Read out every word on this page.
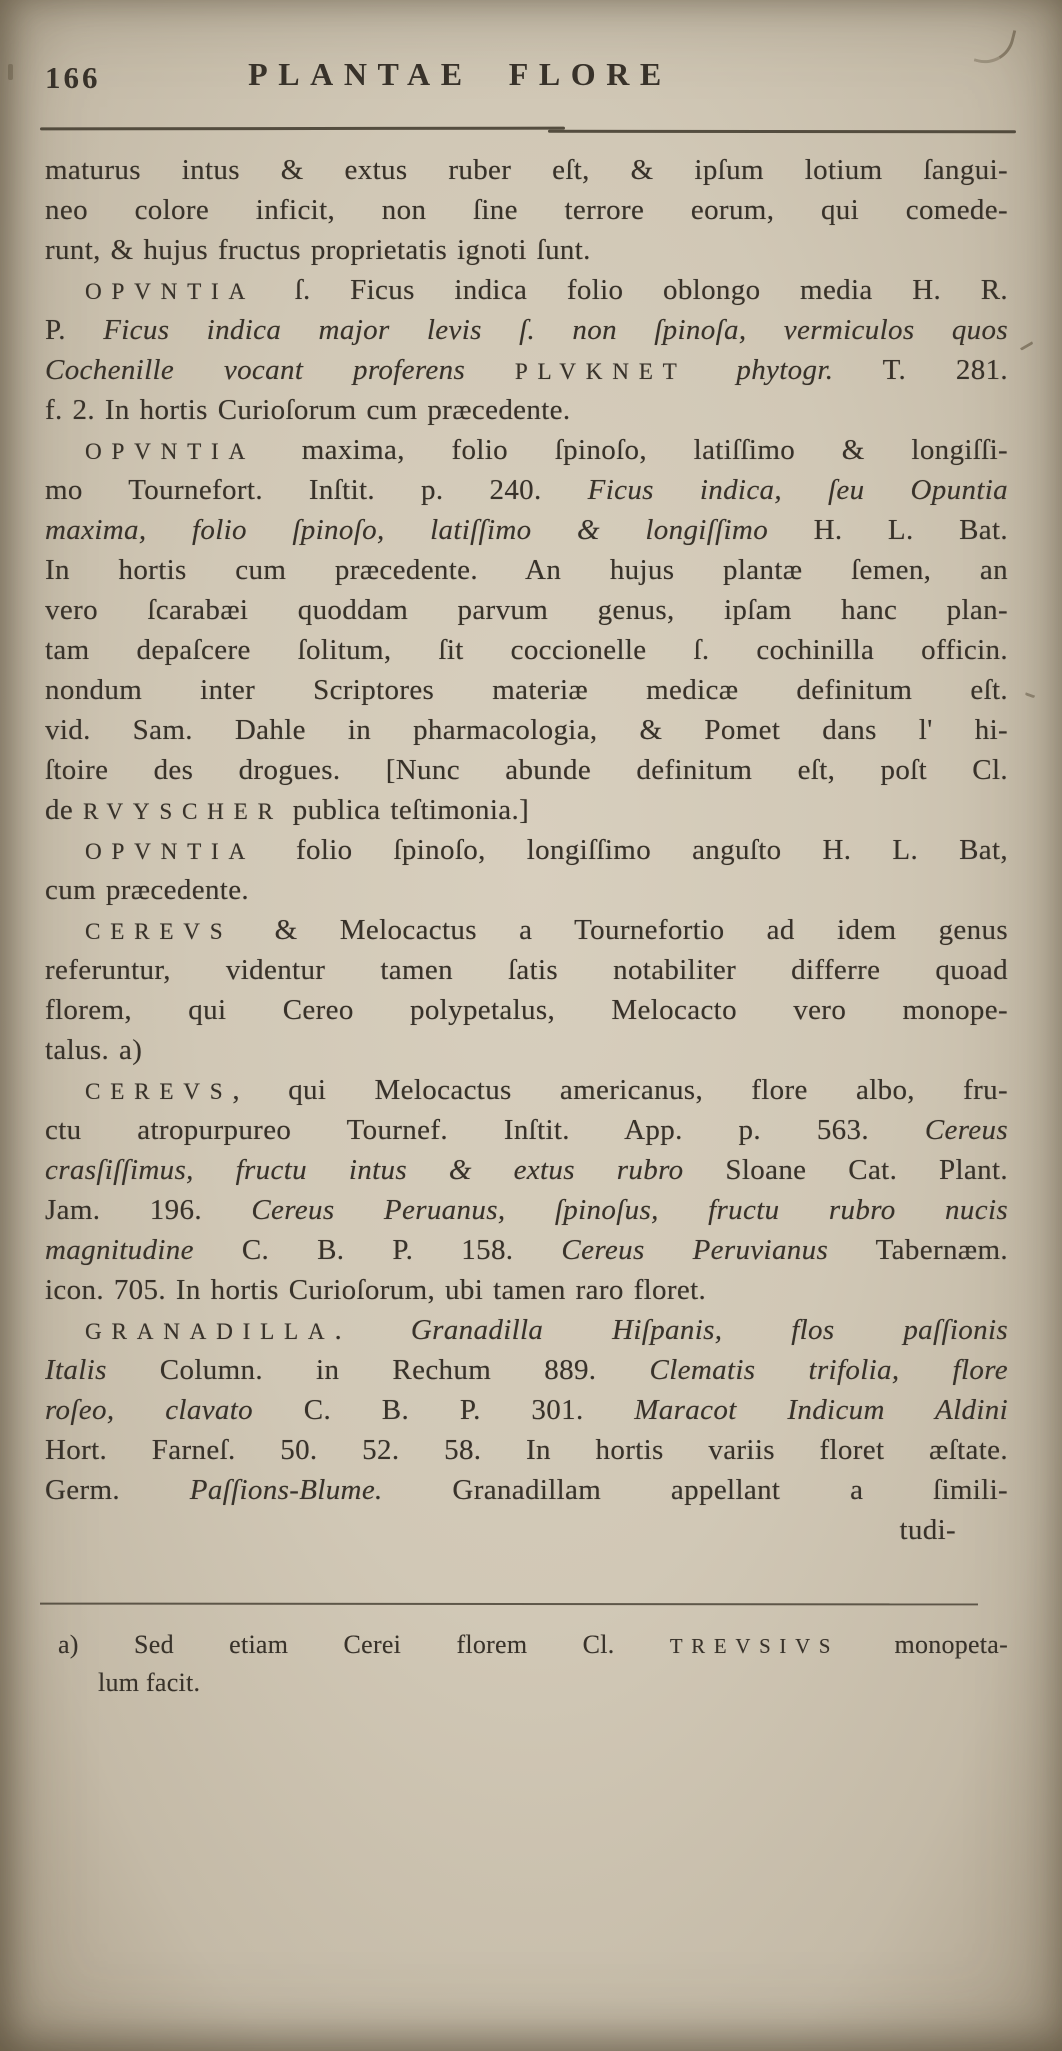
166	PLANTAE FLORE
maturus intus & extus ruber eſt, & ipſum lotium ſangui-
neo colore inficit, non ſine terrore eorum, qui comede-
runt, & hujus fructus proprietatis ignoti ſunt.
OPVNTIA ſ. Ficus indica folio oblongo media H. R.
P. Ficus indica major levis ſ. non ſpinoſa, vermiculos quos
Cochenille vocant proferens PLVKNET phytogr. T. 281.
f. 2. In hortis Curioſorum cum præcedente.
OPVNTIA maxima, folio ſpinoſo, latiſſimo & longiſſi-
mo Tournefort. Inſtit. p. 240. Ficus indica, ſeu Opuntia
maxima, folio ſpinoſo, latiſſimo & longiſſimo H. L. Bat.
In hortis cum præcedente. An hujus plantæ ſemen, an
vero ſcarabæi quoddam parvum genus, ipſam hanc plan-
tam depaſcere ſolitum, ſit coccionelle ſ. cochinilla officin.
nondum inter Scriptores materiæ medicæ definitum eſt.
vid. Sam. Dahle in pharmacologia, & Pomet dans l' hi-
ſtoire des drogues. [Nunc abunde definitum eſt, poſt Cl.
de RVYSCHER publica teſtimonia.]
OPVNTIA folio ſpinoſo, longiſſimo anguſto H. L. Bat,
cum præcedente.
CEREVS & Melocactus a Tournefortio ad idem genus
referuntur, videntur tamen ſatis notabiliter differre quoad
florem, qui Cereo polypetalus, Melocacto vero monope-
talus. a)
CEREVS, qui Melocactus americanus, flore albo, fru-
ctu atropurpureo Tournef. Inſtit. App. p. 563. Cereus
crasſiſſimus, fructu intus & extus rubro Sloane Cat. Plant.
Jam. 196. Cereus Peruanus, ſpinoſus, fructu rubro nucis
magnitudine C. B. P. 158. Cereus Peruvianus Tabernæm.
icon. 705. In hortis Curioſorum, ubi tamen raro floret.
GRANADILLA. Granadilla Hiſpanis, flos paſſionis
Italis Column. in Rechum 889. Clematis trifolia, flore
roſeo, clavato C. B. P. 301. Maracot Indicum Aldini
Hort. Farneſ. 50. 52. 58. In hortis variis floret æſtate.
Germ. Paſſions-Blume. Granadillam appellant a ſimili-
tudi-
a) Sed etiam Cerei florem Cl. TREVSIVS monopeta-
lum facit.
